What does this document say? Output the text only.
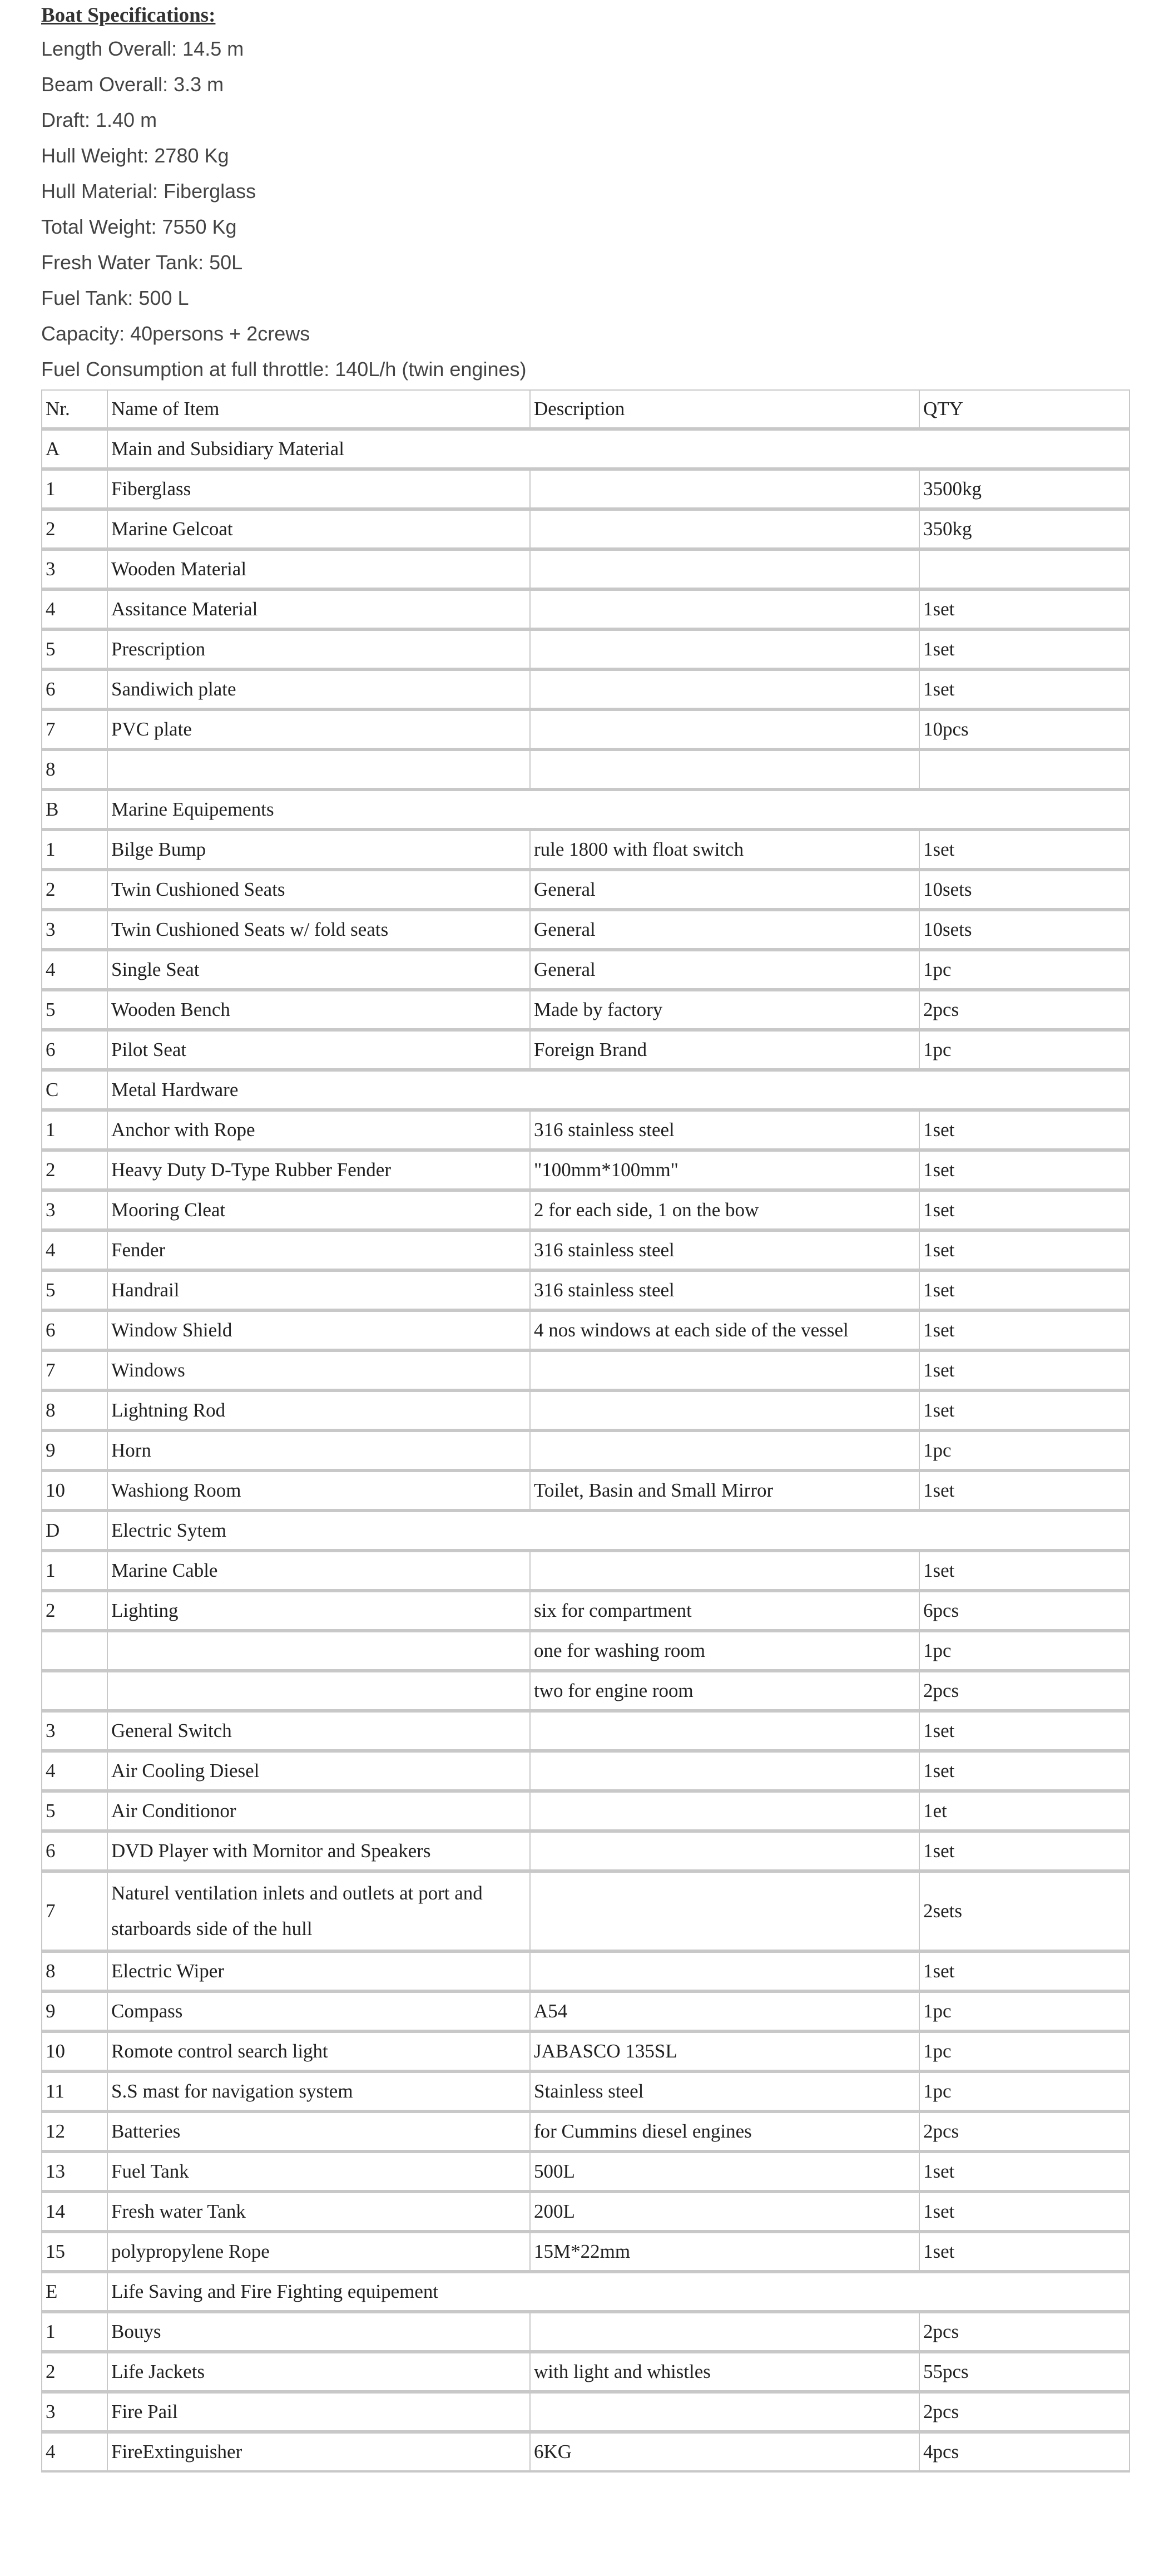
Boat Specifications:
Length Overall: 14.5 m
Beam Overall: 3.3 m
Draft: 1.40 m
Hull Weight: 2780 Kg
Hull Material: Fiberglass
Total Weight: 7550 Kg
Fresh Water Tank: 50L
Fuel Tank: 500 L
Capacity: 40persons + 2crews
Fuel Consumption at full throttle: 140L/h (twin engines)
Nr.	Name of Item	Description	QTY
A	Main and Subsidiary Material		
1	Fiberglass		3500kg
2	Marine Gelcoat		350kg
3	Wooden Material		
4	Assitance Material		1set
5	Prescription		1set
6	Sandiwich plate		1set
7	PVC plate		10pcs
8			
B	Marine Equipements		
1	Bilge Bump	rule 1800 with float switch	1set
2	Twin Cushioned Seats	General	10sets
3	Twin Cushioned Seats w/ fold seats	General	10sets
4	Single Seat	General	1pc
5	Wooden Bench	Made by factory	2pcs
6	Pilot Seat	Foreign Brand	1pc
C	Metal Hardware		
1	Anchor with Rope	316 stainless steel	1set
2	Heavy Duty D-Type Rubber Fender	"100mm*100mm"	1set
3	Mooring Cleat	2 for each side, 1 on the bow	1set
4	Fender	316 stainless steel	1set
5	Handrail	316 stainless steel	1set
6	Window Shield	4 nos windows at each side of the vessel	1set
7	Windows		1set
8	Lightning Rod		1set
9	Horn		1pc
10	Washiong Room	Toilet, Basin and Small Mirror	1set
D	Electric Sytem		
1	Marine Cable		1set
2	Lighting	six for compartment	6pcs
		one for washing room	1pc
		two for engine room	2pcs
3	General Switch		1set
4	Air Cooling Diesel		1set
5	Air Conditionor		1et
6	DVD Player with Mornitor and Speakers		1set
7	Naturel ventilation inlets and outlets at port and starboards side of the hull		2sets
8	Electric Wiper		1set
9	Compass	A54	1pc
10	Romote control search light	JABASCO 135SL	1pc
11	S.S mast for navigation system	Stainless steel	1pc
12	Batteries	for Cummins diesel engines	2pcs
13	Fuel Tank	500L	1set
14	Fresh water Tank	200L	1set
15	polypropylene Rope	15M*22mm	1set
E	Life Saving and Fire Fighting equipement		
1	Bouys		2pcs
2	Life Jackets	with light and whistles	55pcs
3	Fire Pail		2pcs
4	FireExtinguisher	6KG	4pcs
